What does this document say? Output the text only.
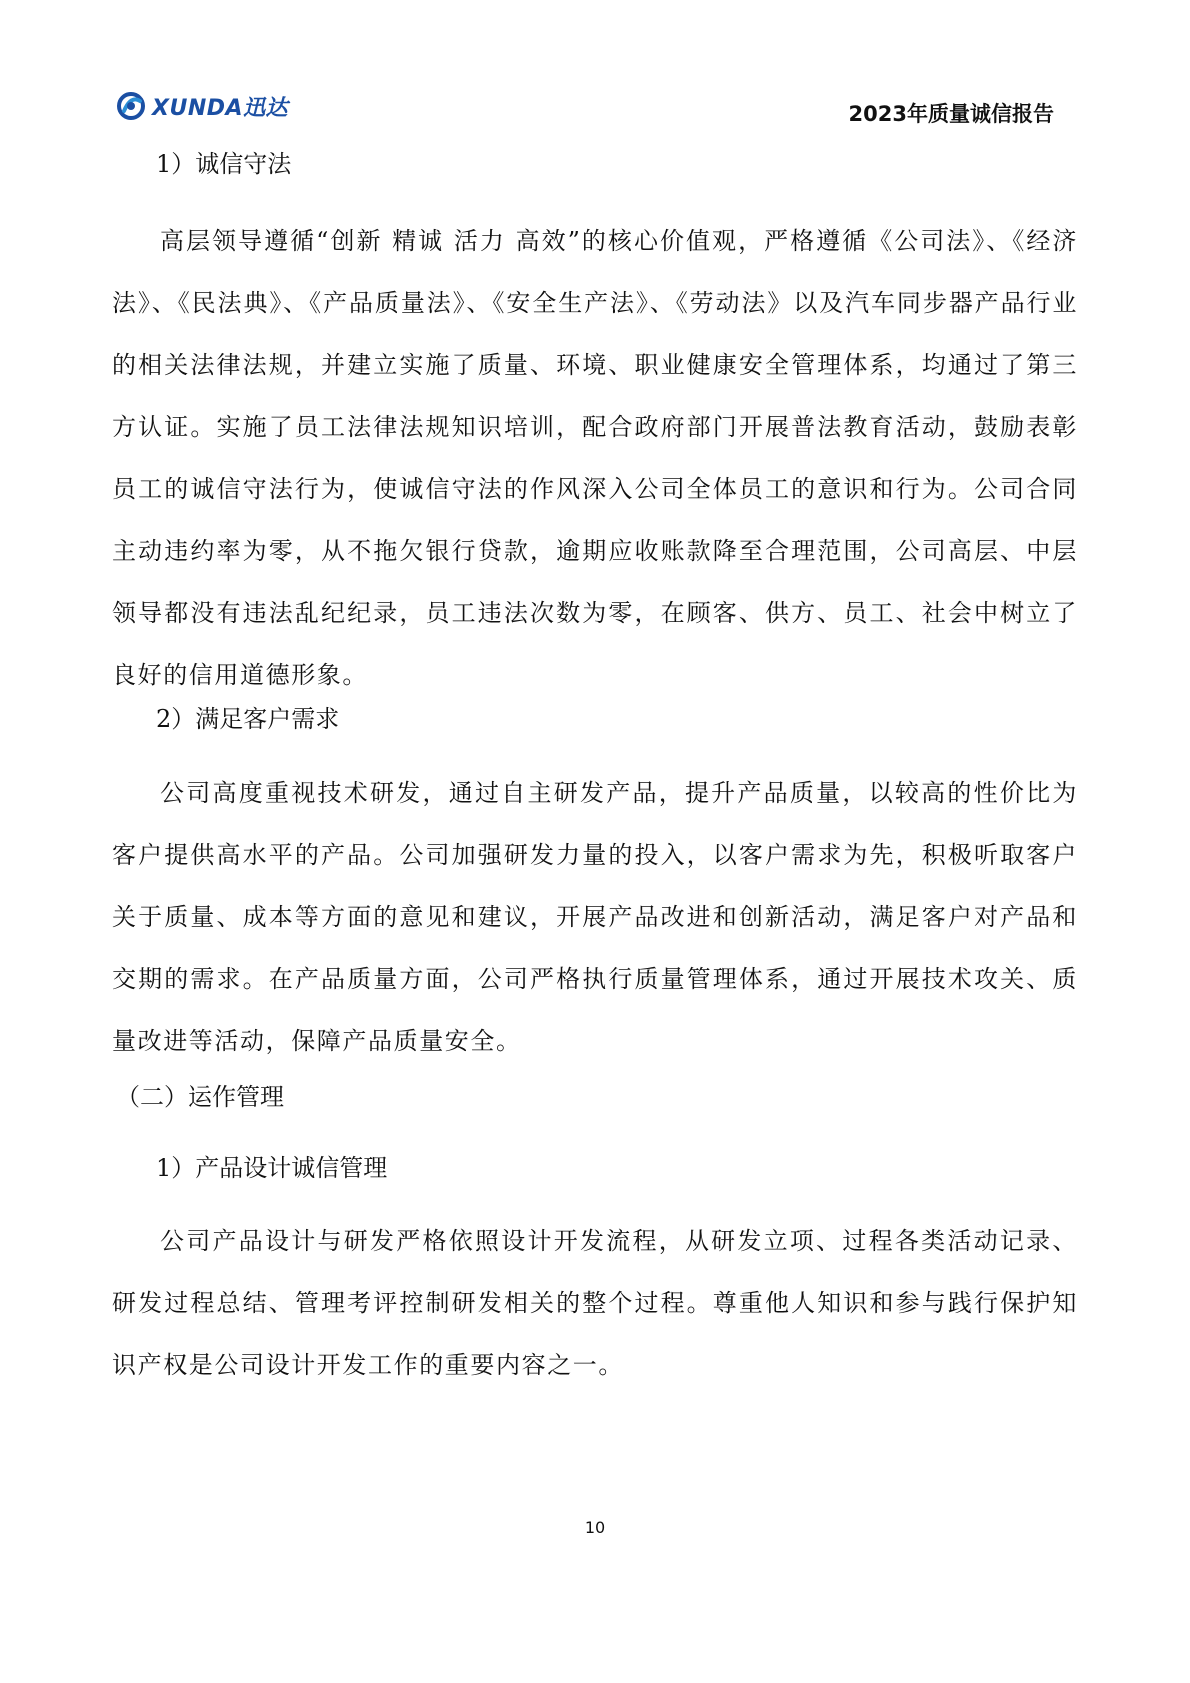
XUNDA迅达	2023年质量诚信报告

1）诚信守法

高层领导遵循“创新 精诚 活力 高效”的核心价值观，严格遵循《公司法》、《经济法》、《民法典》、《产品质量法》、《安全生产法》、《劳动法》以及汽车同步器产品行业的相关法律法规，并建立实施了质量、环境、职业健康安全管理体系，均通过了第三方认证。实施了员工法律法规知识培训，配合政府部门开展普法教育活动，鼓励表彰员工的诚信守法行为，使诚信守法的作风深入公司全体员工的意识和行为。公司合同主动违约率为零，从不拖欠银行贷款，逾期应收账款降至合理范围，公司高层、中层领导都没有违法乱纪纪录，员工违法次数为零，在顾客、供方、员工、社会中树立了良好的信用道德形象。

2）满足客户需求

公司高度重视技术研发，通过自主研发产品，提升产品质量，以较高的性价比为客户提供高水平的产品。公司加强研发力量的投入，以客户需求为先，积极听取客户关于质量、成本等方面的意见和建议，开展产品改进和创新活动，满足客户对产品和交期的需求。在产品质量方面，公司严格执行质量管理体系，通过开展技术攻关、质量改进等活动，保障产品质量安全。

（二）运作管理

1）产品设计诚信管理

公司产品设计与研发严格依照设计开发流程，从研发立项、过程各类活动记录、研发过程总结、管理考评控制研发相关的整个过程。尊重他人知识和参与践行保护知识产权是公司设计开发工作的重要内容之一。

10
